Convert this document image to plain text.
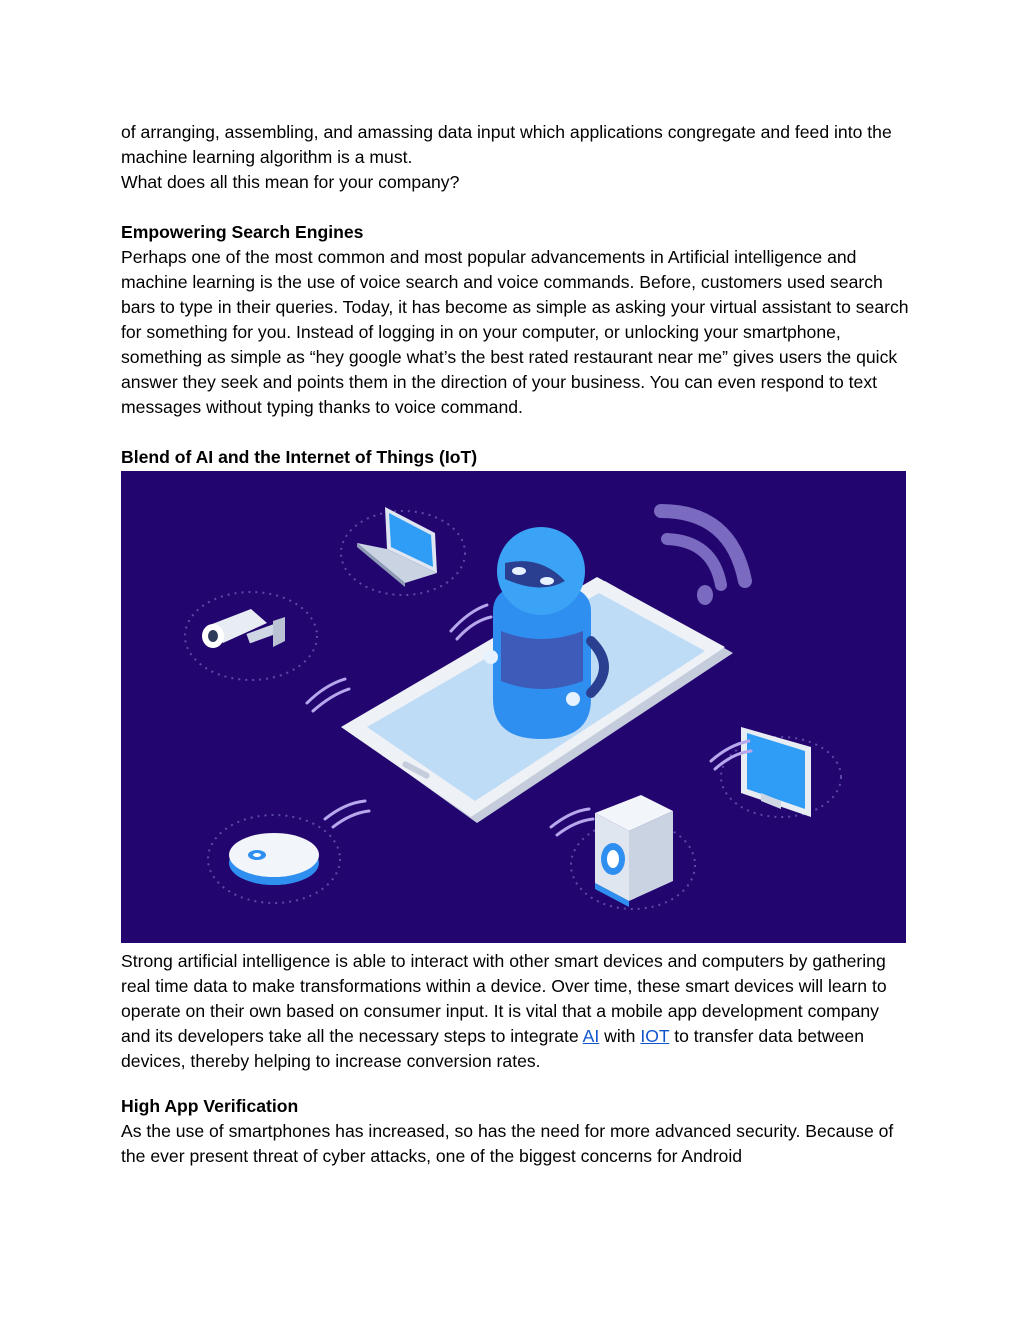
of arranging, assembling, and amassing data input which applications congregate and feed into the machine learning algorithm is a must.

What does all this mean for your company?

Empowering Search Engines

Perhaps one of the most common and most popular advancements in Artificial intelligence and machine learning is the use of voice search and voice commands. Before, customers used search bars to type in their queries. Today, it has become as simple as asking your virtual assistant to search for something for you. Instead of logging in on your computer, or unlocking your smartphone, something as simple as “hey google what’s the best rated restaurant near me” gives users the quick answer they seek and points them in the direction of your business. You can even respond to text messages without typing thanks to voice command.

Blend of AI and the Internet of Things (IoT)

Strong artificial intelligence is able to interact with other smart devices and computers by gathering real time data to make transformations within a device. Over time, these smart devices will learn to operate on their own based on consumer input. It is vital that a mobile app development company and its developers take all the necessary steps to integrate AI with IOT to transfer data between devices, thereby helping to increase conversion rates.

High App Verification

As the use of smartphones has increased, so has the need for more advanced security. Because of the ever present threat of cyber attacks, one of the biggest concerns for Android
